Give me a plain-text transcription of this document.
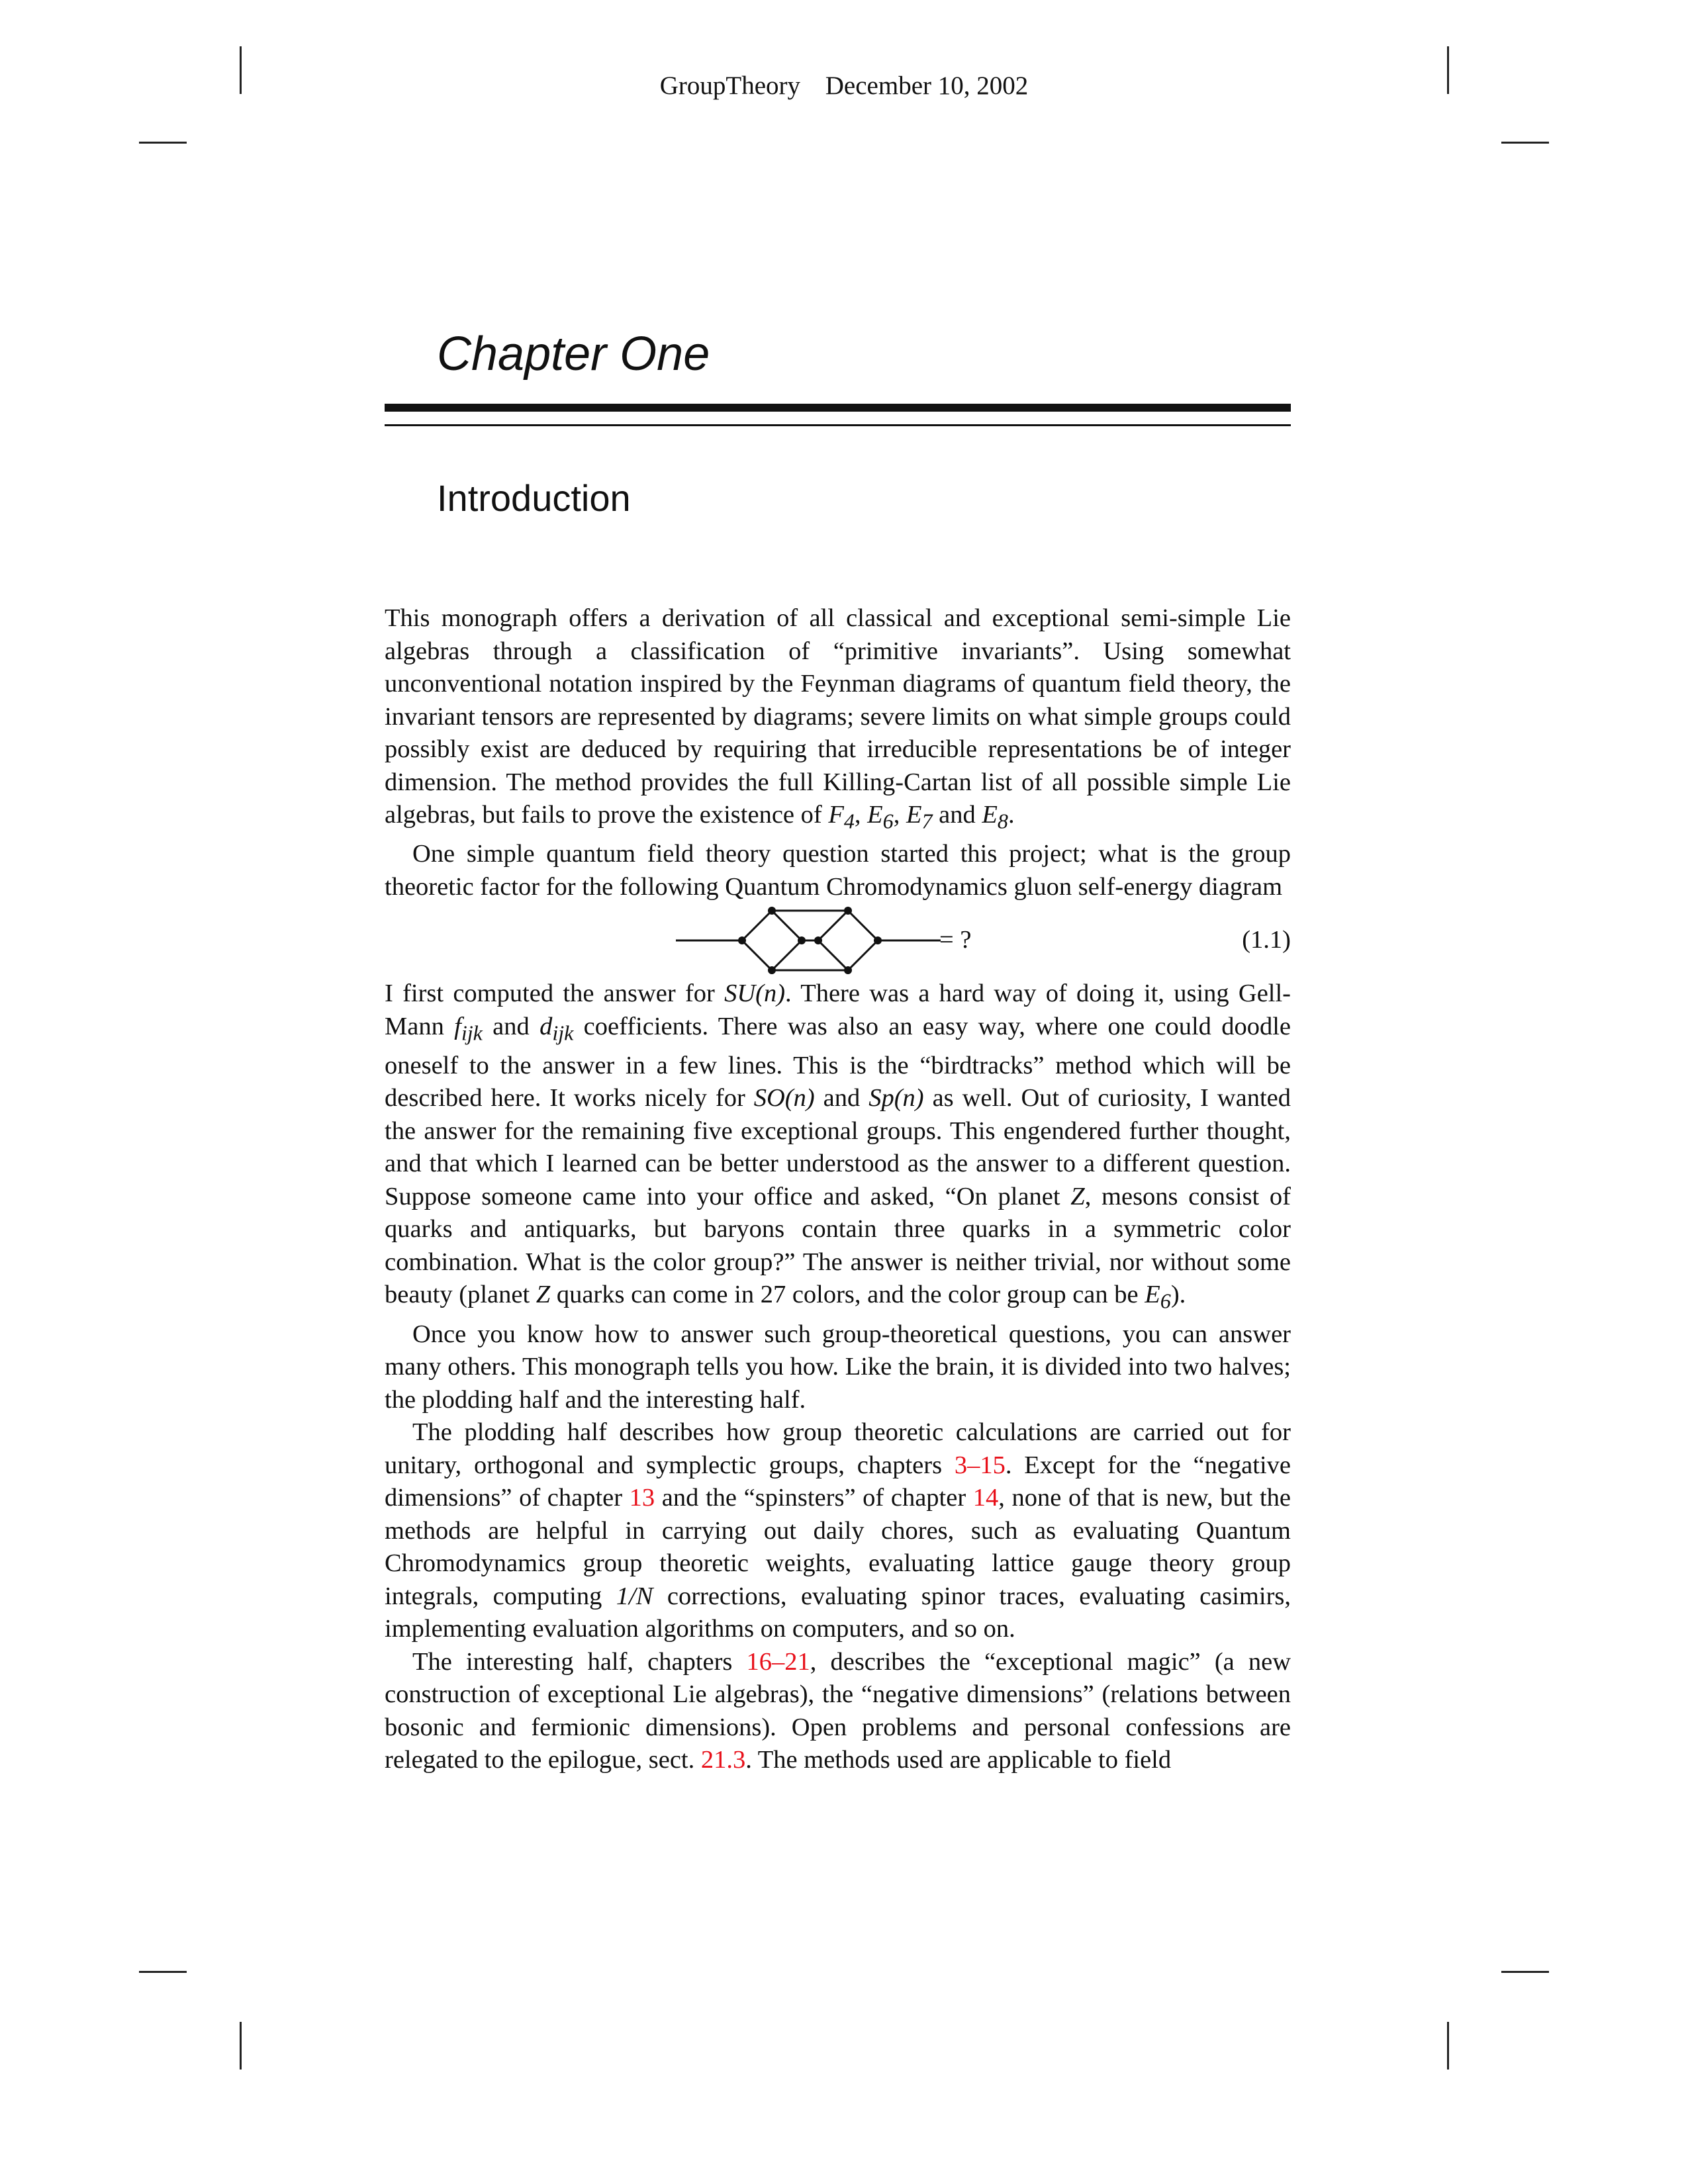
GroupTheory December 10, 2002
Chapter One
Introduction

This monograph offers a derivation of all classical and exceptional semi-simple Lie algebras through a classification of “primitive invariants”. Using somewhat unconventional notation inspired by the Feynman diagrams of quantum field theory, the invariant tensors are represented by diagrams; severe limits on what simple groups could possibly exist are deduced by requiring that irreducible representations be of integer dimension. The method provides the full Killing-Cartan list of all possible simple Lie algebras, but fails to prove the existence of $F_4$, $E_6$, $E_7$ and $E_8$.

One simple quantum field theory question started this project; what is the group theoretic factor for the following Quantum Chromodynamics gluon self-energy diagram

= ?	(1.1)

I first computed the answer for SU(n). There was a hard way of doing it, using Gell-Mann $f_{ijk}$ and $d_{ijk}$ coefficients. There was also an easy way, where one could doodle oneself to the answer in a few lines. This is the “birdtracks” method which will be described here. It works nicely for SO(n) and Sp(n) as well. Out of curiosity, I wanted the answer for the remaining five exceptional groups. This engendered further thought, and that which I learned can be better understood as the answer to a different question. Suppose someone came into your office and asked, “On planet Z, mesons consist of quarks and antiquarks, but baryons contain three quarks in a symmetric color combination. What is the color group?” The answer is neither trivial, nor without some beauty (planet Z quarks can come in 27 colors, and the color group can be $E_6$).

Once you know how to answer such group-theoretical questions, you can answer many others. This monograph tells you how. Like the brain, it is divided into two halves; the plodding half and the interesting half.

The plodding half describes how group theoretic calculations are carried out for unitary, orthogonal and symplectic groups, chapters 3–15. Except for the “negative dimensions” of chapter 13 and the “spinsters” of chapter 14, none of that is new, but the methods are helpful in carrying out daily chores, such as evaluating Quantum Chromodynamics group theoretic weights, evaluating lattice gauge theory group integrals, computing 1/N corrections, evaluating spinor traces, evaluating casimirs, implementing evaluation algorithms on computers, and so on.

The interesting half, chapters 16–21, describes the “exceptional magic” (a new construction of exceptional Lie algebras), the “negative dimensions” (relations between bosonic and fermionic dimensions). Open problems and personal confessions are relegated to the epilogue, sect. 21.3. The methods used are applicable to field
